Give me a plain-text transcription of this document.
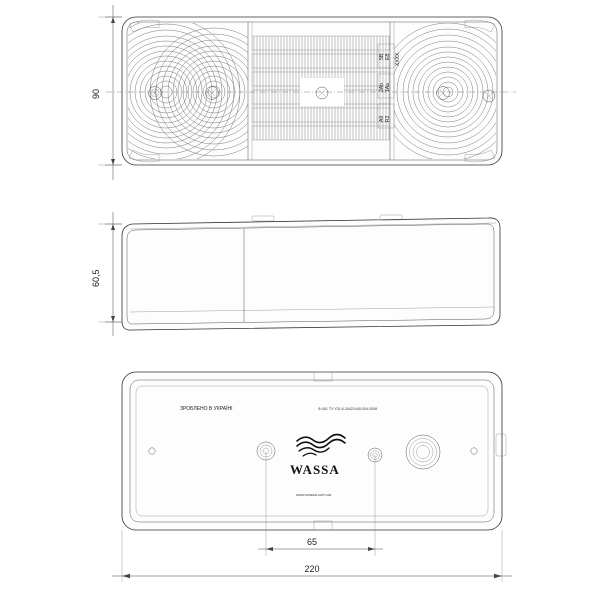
XXXX
E8
5B
1Aa
2Ab
R2
A9
90
60,5
ЗРОБЛЕНО В УКРАЇНІ	Ф-401 ТУ У31.6-34421440-004:2008
WASSA
www.wassa.com.ua
65
220
